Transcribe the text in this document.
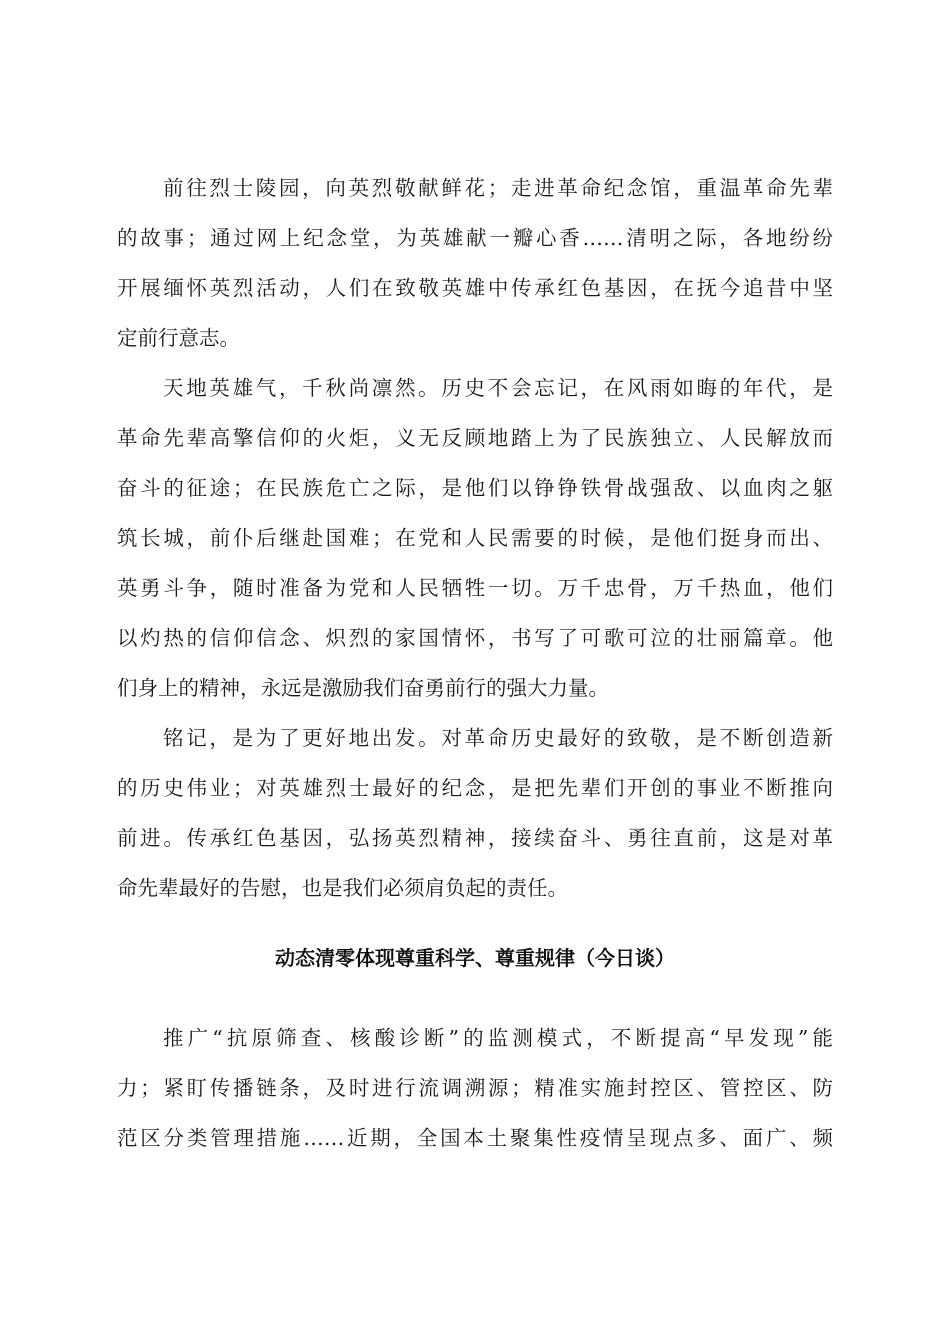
前往烈士陵园，向英烈敬献鲜花；走进革命纪念馆，重温革命先辈
的故事；通过网上纪念堂，为英雄献一瓣心香……清明之际，各地纷纷
开展缅怀英烈活动，人们在致敬英雄中传承红色基因，在抚今追昔中坚
定前行意志。
天地英雄气，千秋尚凛然。历史不会忘记，在风雨如晦的年代，是
革命先辈高擎信仰的火炬，义无反顾地踏上为了民族独立、人民解放而
奋斗的征途；在民族危亡之际，是他们以铮铮铁骨战强敌、以血肉之躯
筑长城，前仆后继赴国难；在党和人民需要的时候，是他们挺身而出、
英勇斗争，随时准备为党和人民牺牲一切。万千忠骨，万千热血，他们
以灼热的信仰信念、炽烈的家国情怀，书写了可歌可泣的壮丽篇章。他
们身上的精神，永远是激励我们奋勇前行的强大力量。
铭记，是为了更好地出发。对革命历史最好的致敬，是不断创造新
的历史伟业；对英雄烈士最好的纪念，是把先辈们开创的事业不断推向
前进。传承红色基因，弘扬英烈精神，接续奋斗、勇往直前，这是对革
命先辈最好的告慰，也是我们必须肩负起的责任。
动态清零体现尊重科学、尊重规律（今日谈）
推广“抗原筛查、核酸诊断”的监测模式，不断提高“早发现”能
力；紧盯传播链条，及时进行流调溯源；精准实施封控区、管控区、防
范区分类管理措施……近期，全国本土聚集性疫情呈现点多、面广、频
